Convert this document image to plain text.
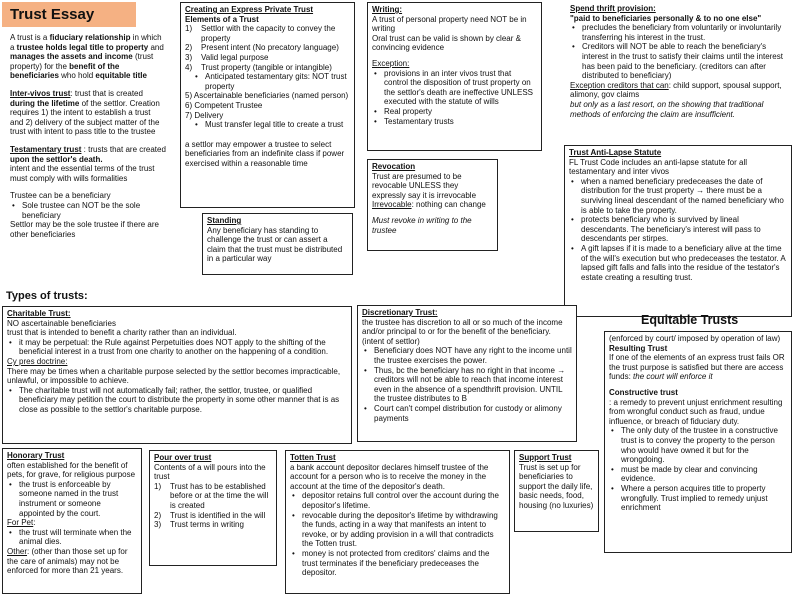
Trust Essay

A trust is a fiduciary relationship in which a trustee holds legal title to property and manages the assets and income (trust property) for the benefit of the beneficiaries who hold equitable title

Inter-vivos trust: trust that is created during the lifetime of the settlor. Creation requires 1) the intent to establish a trust and 2) delivery of the subject matter of the trust with intent to pass title to the trustee

Testamentary trust : trusts that are created upon the settlor's death.

intent and the essential terms of the trust must comply with wills formalities

Trustee can be a beneficiary

• Sole trustee can NOT be the sole beneficiary

Settlor may be the sole trustee if there are other beneficiaries

Creating an Express Private Trust
Elements of a Trust
1) Settlor with the capacity to convey the property
2) Present intent (No precatory language)
3) Valid legal purpose
4) Trust property (tangible or intangible)
• Anticipated testamentary gits: NOT trust property
5) Ascertainable beneficiaries (named person)
6) Competent Trustee
7) Delivery
• Must transfer legal title to create a trust

a settlor may empower a trustee to select beneficiaries from an indefinite class if power exercised within a reasonable time

Standing

Any beneficiary has standing to challenge the trust or can assert a claim that the trust must be distributed in a particular way

Writing:

A trust of personal property need NOT be in writing

Oral trust can be valid is shown by clear & convincing evidence

Exception:
• provisions in an inter vivos trust that control the disposition of trust property on the settlor's death are ineffective UNLESS executed with the statute of wills
• Real property
• Testamentary trusts
Revocation

Trust are presumed to be revocable UNLESS they expressly say it is irrevocable

Irrevocable: nothing can change

Must revoke in writing to the trustee

Spend thrift provision:
"paid to beneficiaries personally & to no one else"
• precludes the beneficiary from voluntarily or involuntarily transferring his interest in the trust.
• Creditors will NOT be able to reach the beneficiary's interest in the trust to satisfy their claims until the interest has been paid to the beneficiary. (creditors can after distributed to beneficiary)

Exception creditors that can: child support, spousal support, alimony, gov claims

but only as a last resort, on the showing that traditional methods of enforcing the claim are insufficient.

Trust Anti-Lapse Statute

FL Trust Code includes an anti-lapse statute for all testamentary and inter vivos

• when a named beneficiary predeceases the date of distribution for the trust property → there must be a surviving lineal descendant of the named beneficiary who is able to take the property.
• protects beneficiary who is survived by lineal descendants. The beneficiary's interest will pass to descendants per stirpes.
• A gift lapses if it is made to a beneficiary alive at the time of the will's execution but who predeceases the testator. A lapsed gift falls and falls into the residue of the testator's estate creating a resulting trust.
Types of trusts:
Charitable Trust:

NO ascertainable beneficiaries

trust that is intended to benefit a charity rather than an individual.

• it may be perpetual: the Rule against Perpetuities does NOT apply to the shifting of the beneficial interest in a trust from one charity to another on the happening of a condition.
Cy pres doctrine:

There may be times when a charitable purpose selected by the settlor becomes impracticable, unlawful, or impossible to achieve.

• The charitable trust will not automatically fail; rather, the settlor, trustee, or qualified beneficiary may petition the court to distribute the property in some other manner that is as close as possible to the settlor's charitable purpose.
Discretionary Trust:

the trustee has discretion to all or so much of the income and/or principal to or for the benefit of the beneficiary. (intent of settlor)

• Beneficiary does NOT have any right to the income until the trustee exercises the power.
• Thus, bc the beneficiary has no right in that income → creditors will not be able to reach that income interest even in the absence of a spendthrift provision. UNTIL the trustee distributes to B
• Court can't compel distribution for custody or alimony payments
Equitable Trusts

(enforced by court/ imposed by operation of law)

Resulting Trust

If one of the elements of an express trust fails OR the trust purpose is satisfied but there are access funds: the court will enforce it

Constructive trust

: a remedy to prevent unjust enrichment resulting from wrongful conduct such as fraud, undue influence, or breach of fiduciary duty.

• The only duty of the trustee in a constructive trust is to convey the property to the person who would have owned it but for the wrongdoing.
• must be made by clear and convincing evidence.
• Where a person acquires title to property wrongfully. Trust implied to remedy unjust enrichment
Honorary Trust

often established for the benefit of pets, for grave, for religious purpose

• the trust is enforceable by someone named in the trust instrument or someone appointed by the court.

For Pet:

• the trust will terminate when the animal dies.

Other: (other than those set up for the care of animals) may not be enforced for more than 21 years.

Pour over trust

Contents of a will pours into the trust

1) Trust has to be established before or at the time the will is created
2) Trust is identified in the will
3) Trust terms in writing
Totten Trust

a bank account depositor declares himself trustee of the account for a person who is to receive the money in the account at the time of the depositor's death.

• depositor retains full control over the account during the depositor's lifetime.
• revocable during the depositor's lifetime by withdrawing the funds, acting in a way that manifests an intent to revoke, or by adding provision in a will that contradicts the Totten trust.
• money is not protected from creditors' claims and the trust terminates if the beneficiary predeceases the depositor.
Support Trust

Trust is set up for beneficiaries to support the daily life, basic needs, food, housing (no luxuries)
